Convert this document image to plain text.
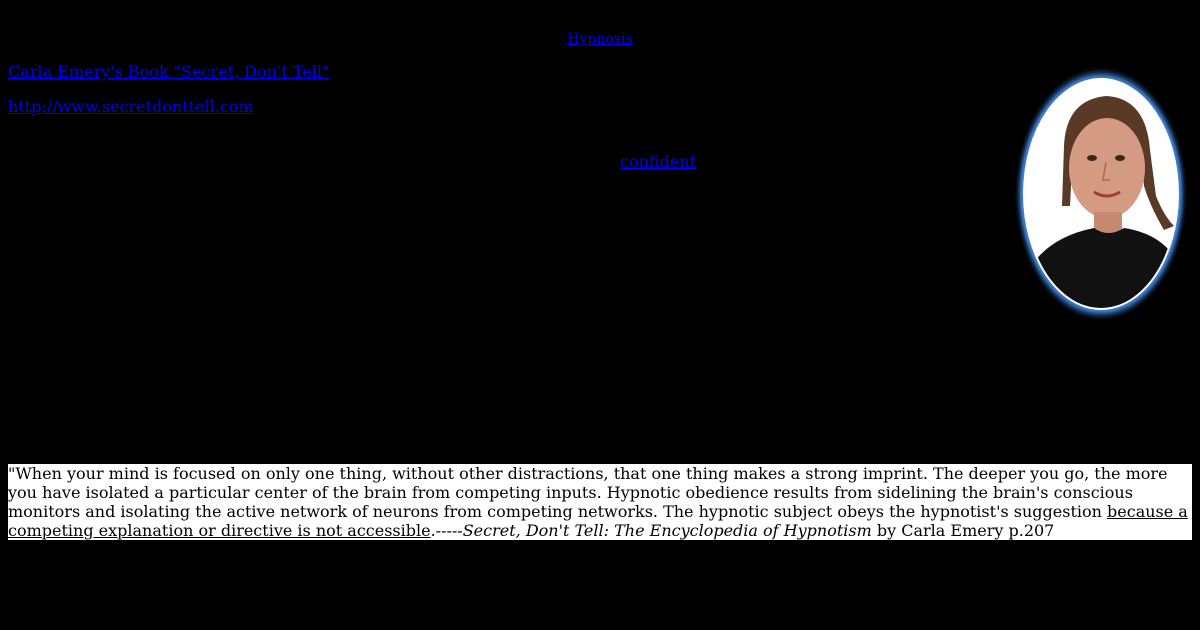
Hypnosis
Carla Emery's Book "Secret, Don't Tell"
http://www.secretdonttell.com
confident
"When your mind is focused on only one thing, without other distractions, that one thing makes a strong imprint. The deeper you go, the more you have isolated a particular center of the brain from competing inputs. Hypnotic obedience results from sidelining the brain's conscious monitors and isolating the active network of neurons from competing networks. The hypnotic subject obeys the hypnotist's suggestion because a competing explanation or directive is not accessible.-----Secret, Don't Tell: The Encyclopedia of Hypnotism by Carla Emery p.207
